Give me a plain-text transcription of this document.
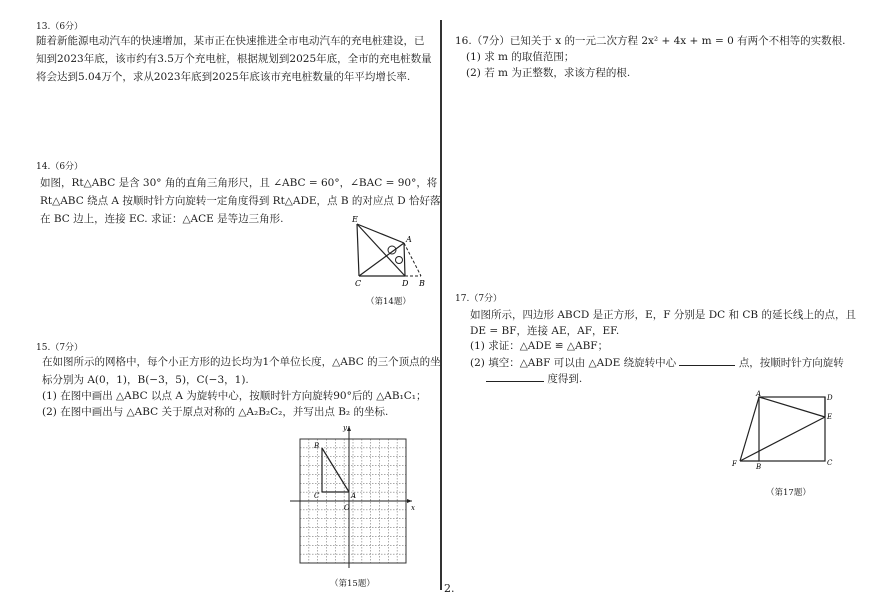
13.（6分）
随着新能源电动汽车的快速增加，某市正在快速推进全市电动汽车的充电桩建设，已
知到2023年底，该市约有3.5万个充电桩，根据规划到2025年底，全市的充电桩数量
将会达到5.04万个，求从2023年底到2025年底该市充电桩数量的年平均增长率.
14.（6分）
如图，Rt△ABC 是含 30° 角的直角三角形尺，且 ∠ABC = 60°，∠BAC = 90°，将
Rt△ABC 绕点 A 按顺时针方向旋转一定角度得到 Rt△ADE，点 B 的对应点 D 恰好落
在 BC 边上，连接 EC. 求证：△ACE 是等边三角形.	E
A
C	D B
（第14题）
15.（7分）
在如图所示的网格中，每个小正方形的边长均为1个单位长度，△ABC 的三个顶点的坐
标分别为 A(0，1)，B(−3，5)，C(−3，1).
(1) 在图中画出 △ABC 以点 A 为旋转中心，按顺时针方向旋转90°后的 △AB₁C₁；
(2) 在图中画出与 △ABC 关于原点对称的 △A₂B₂C₂，并写出点 B₂ 的坐标.
y
x
O
A
B
C
（第15题）
16.（7分）已知关于 x 的一元二次方程 2x² + 4x + m = 0 有两个不相等的实数根.
(1) 求 m 的取值范围；
(2) 若 m 为正整数，求该方程的根.
17.（7分）
如图所示，四边形 ABCD 是正方形，E，F 分别是 DC 和 CB 的延长线上的点，且
DE = BF，连接 AE，AF，EF.
(1) 求证：△ADE ≌ △ABF；
(2) 填空：△ABF 可以由 △ADE 绕旋转中心	点，按顺时针方向旋转
度得到.
A	D
E
C
B
F
（第17题）
2.
